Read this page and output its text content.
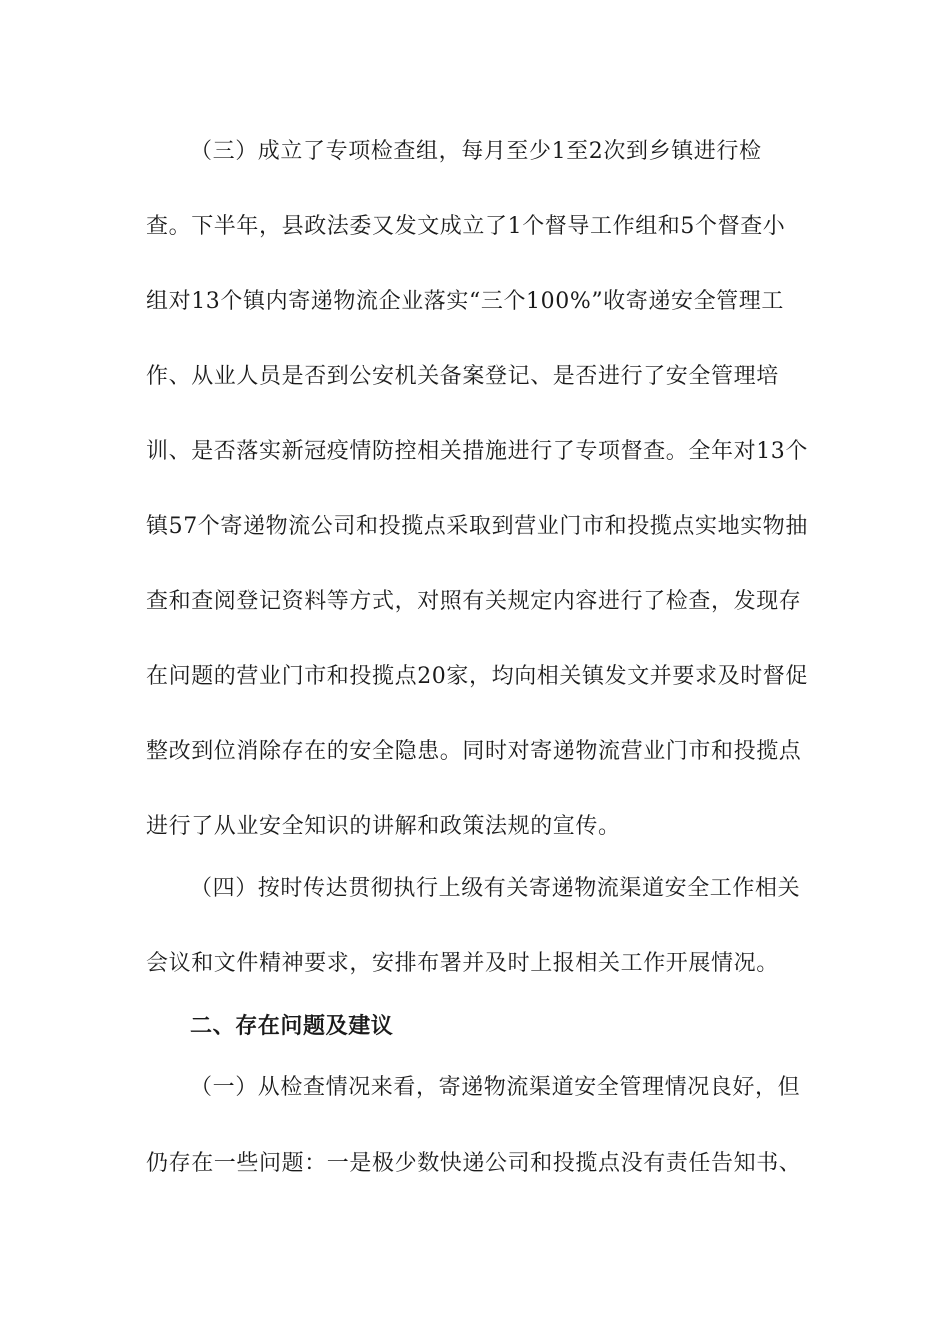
（三）成立了专项检查组，每月至少1至2次到乡镇进行检
查。下半年，县政法委又发文成立了1个督导工作组和5个督查小
组对13个镇内寄递物流企业落实“三个100%”收寄递安全管理工
作、从业人员是否到公安机关备案登记、是否进行了安全管理培
训、是否落实新冠疫情防控相关措施进行了专项督查。全年对13个
镇57个寄递物流公司和投揽点采取到营业门市和投揽点实地实物抽
查和查阅登记资料等方式，对照有关规定内容进行了检查，发现存
在问题的营业门市和投揽点20家，均向相关镇发文并要求及时督促
整改到位消除存在的安全隐患。同时对寄递物流营业门市和投揽点
进行了从业安全知识的讲解和政策法规的宣传。
（四）按时传达贯彻执行上级有关寄递物流渠道安全工作相关
会议和文件精神要求，安排布署并及时上报相关工作开展情况。
二、存在问题及建议
（一）从检查情况来看，寄递物流渠道安全管理情况良好，但
仍存在一些问题：一是极少数快递公司和投揽点没有责任告知书、
